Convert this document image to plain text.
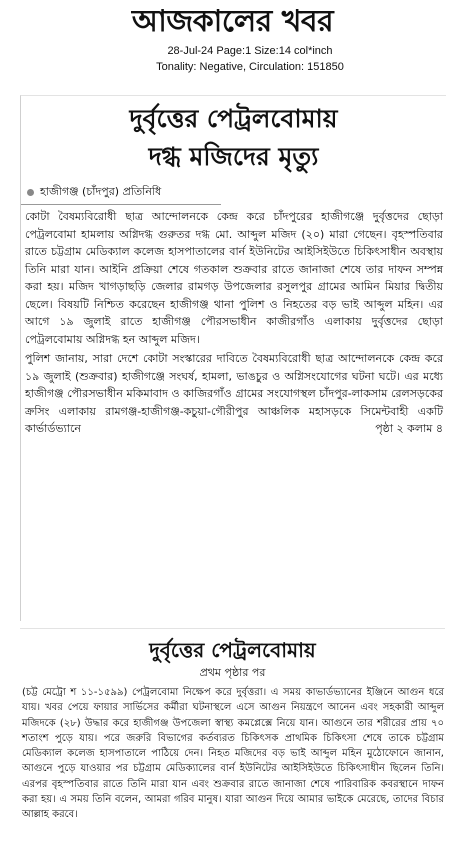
আজকালের খবর
28-Jul-24 Page:1 Size:14 col*inch
Tonality: Negative, Circulation: 151850
দুর্বৃত্তের পেট্রলবোমায়
দগ্ধ মজিদের মৃত্যু
হাজীগঞ্জ (চাঁদপুর) প্রতিনিধি

কোটা বৈষম্যবিরোধী ছাত্র আন্দোলনকে কেন্দ্র করে চাঁদপুরের হাজীগঞ্জে দুর্বৃত্তদের ছোড়া পেট্রলবোমা হামলায় অগ্নিদগ্ধ গুরুতর দগ্ধ মো. আব্দুল মজিদ (২০) মারা গেছেন। বৃহস্পতিবার রাতে চট্টগ্রাম মেডিক্যাল কলেজ হাসপাতালের বার্ন ইউনিটের আইসিইউতে চিকিৎসাধীন অবস্থায় তিনি মারা যান। আইনি প্রক্রিয়া শেষে গতকাল শুক্রবার রাতে জানাজা শেষে তার দাফন সম্পন্ন করা হয়। মজিদ খাগড়াছড়ি জেলার রামগড় উপজেলার রসুলপুর গ্রামের আমিন মিয়ার দ্বিতীয় ছেলে। বিষয়টি নিশ্চিত করেছেন হাজীগঞ্জ থানা পুলিশ ও নিহতের বড় ভাই আব্দুল মহিন। এর আগে ১৯ জুলাই রাতে হাজীগঞ্জ পৌরসভাধীন কাজীরগাঁও এলাকায় দুর্বৃত্তদের ছোড়া পেট্রলবোমায় অগ্নিদগ্ধ হন আব্দুল মজিদ।

পুলিশ জানায়, সারা দেশে কোটা সংস্কারের দাবিতে বৈষম্যবিরোধী ছাত্র আন্দোলনকে কেন্দ্র করে ১৯ জুলাই (শুক্রবার) হাজীগঞ্জে সংঘর্ষ, হামলা, ভাঙচুর ও অগ্নিসংযোগের ঘটনা ঘটে। এর মধ্যে হাজীগঞ্জ পৌরসভাধীন মকিমাবাদ ও কাজিরগাঁও গ্রামের সংযোগস্থল চাঁদপুর-লাকসাম রেলসড়কের ক্রসিং এলাকায় রামগঞ্জ-হাজীগঞ্জ-কচুয়া-গৌরীপুর আঞ্চলিক মহাসড়কে সিমেন্টবাহী একটি কার্ভার্ডভ্যানে	পৃষ্ঠা ২ কলাম ৪

দুর্বৃত্তের পেট্রলবোমায়
প্রথম পৃষ্ঠার পর

(চট্ট মেট্রো শ ১১-১৫৯৯) পেট্রলবোমা নিক্ষেপ করে দুর্বৃত্তরা। এ সময় কাভার্ডভ্যানের ইঞ্জিনে আগুন ধরে যায়। খবর পেয়ে ফায়ার সার্ভিসের কর্মীরা ঘটনাস্থলে এসে আগুন নিয়ন্ত্রণে আনেন এবং সহকারী আব্দুল মজিদকে (২৮) উদ্ধার করে হাজীগঞ্জ উপজেলা স্বাস্থ্য কমপ্লেক্সে নিয়ে যান। আগুনে তার শরীরের প্রায় ৭০ শতাংশ পুড়ে যায়। পরে জরুরি বিভাগের কর্তব্যরত চিকিৎসক প্রাথমিক চিকিৎসা শেষে তাকে চট্টগ্রাম মেডিক্যাল কলেজ হাসপাতালে পাঠিয়ে দেন। নিহত মজিদের বড় ভাই আব্দুল মহিন মুঠোফোনে জানান, আগুনে পুড়ে যাওয়ার পর চট্টগ্রাম মেডিক্যালের বার্ন ইউনিটের আইসিইউতে চিকিৎসাধীন ছিলেন তিনি। এরপর বৃহস্পতিবার রাতে তিনি মারা যান এবং শুক্রবার রাতে জানাজা শেষে পারিবারিক কবরস্থানে দাফন করা হয়। এ সময় তিনি বলেন, আমরা গরিব মানুষ। যারা আগুন দিয়ে আমার ভাইকে মেরেছে, তাদের বিচার আল্লাহ করবে।
